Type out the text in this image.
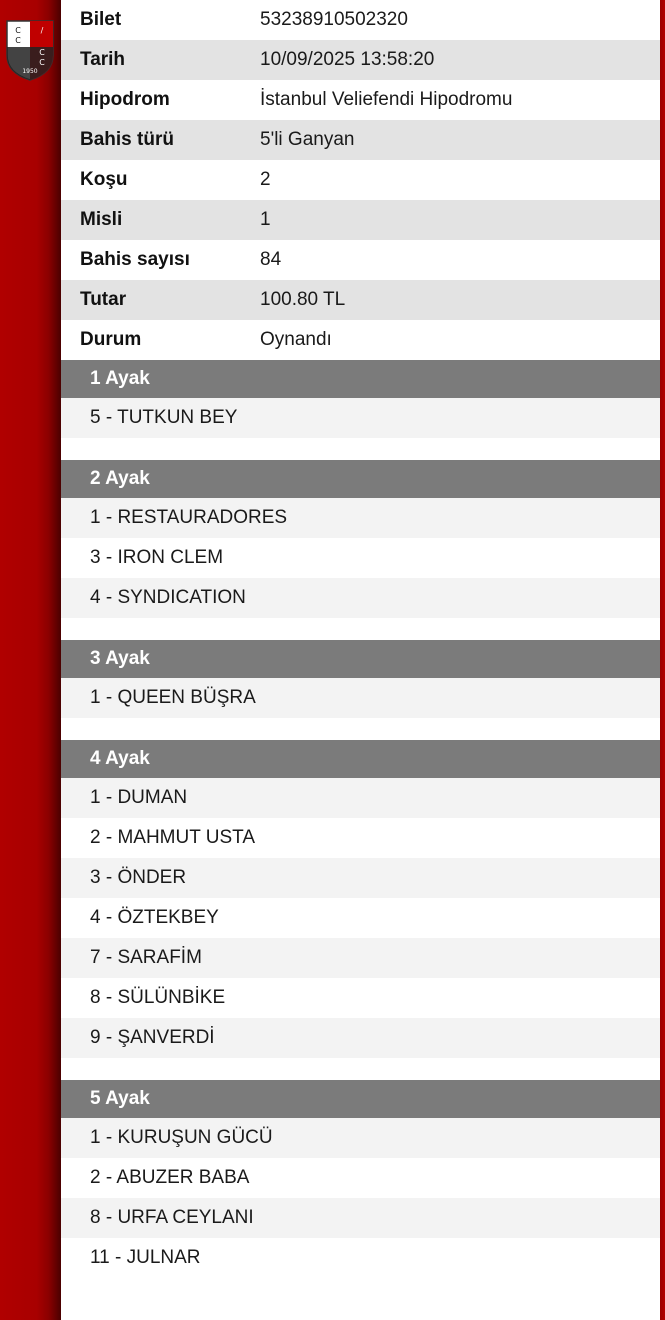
C
C
/
C
C
1950
Bilet	53238910502320
Tarih	10/09/2025 13:58:20
Hipodrom	İstanbul Veliefendi Hipodromu
Bahis türü	5'li Ganyan
Koşu	2
Misli	1
Bahis sayısı	84
Tutar	100.80 TL
Durum	Oynandı
1 Ayak
5 - TUTKUN BEY
2 Ayak
1 - RESTAURADORES
3 - IRON CLEM
4 - SYNDICATION
3 Ayak
1 - QUEEN BÜŞRA
4 Ayak
1 - DUMAN
2 - MAHMUT USTA
3 - ÖNDER
4 - ÖZTEKBEY
7 - SARAFİM
8 - SÜLÜNBİKE
9 - ŞANVERDİ
5 Ayak
1 - KURUŞUN GÜCÜ
2 - ABUZER BABA
8 - URFA CEYLANI
11 - JULNAR
